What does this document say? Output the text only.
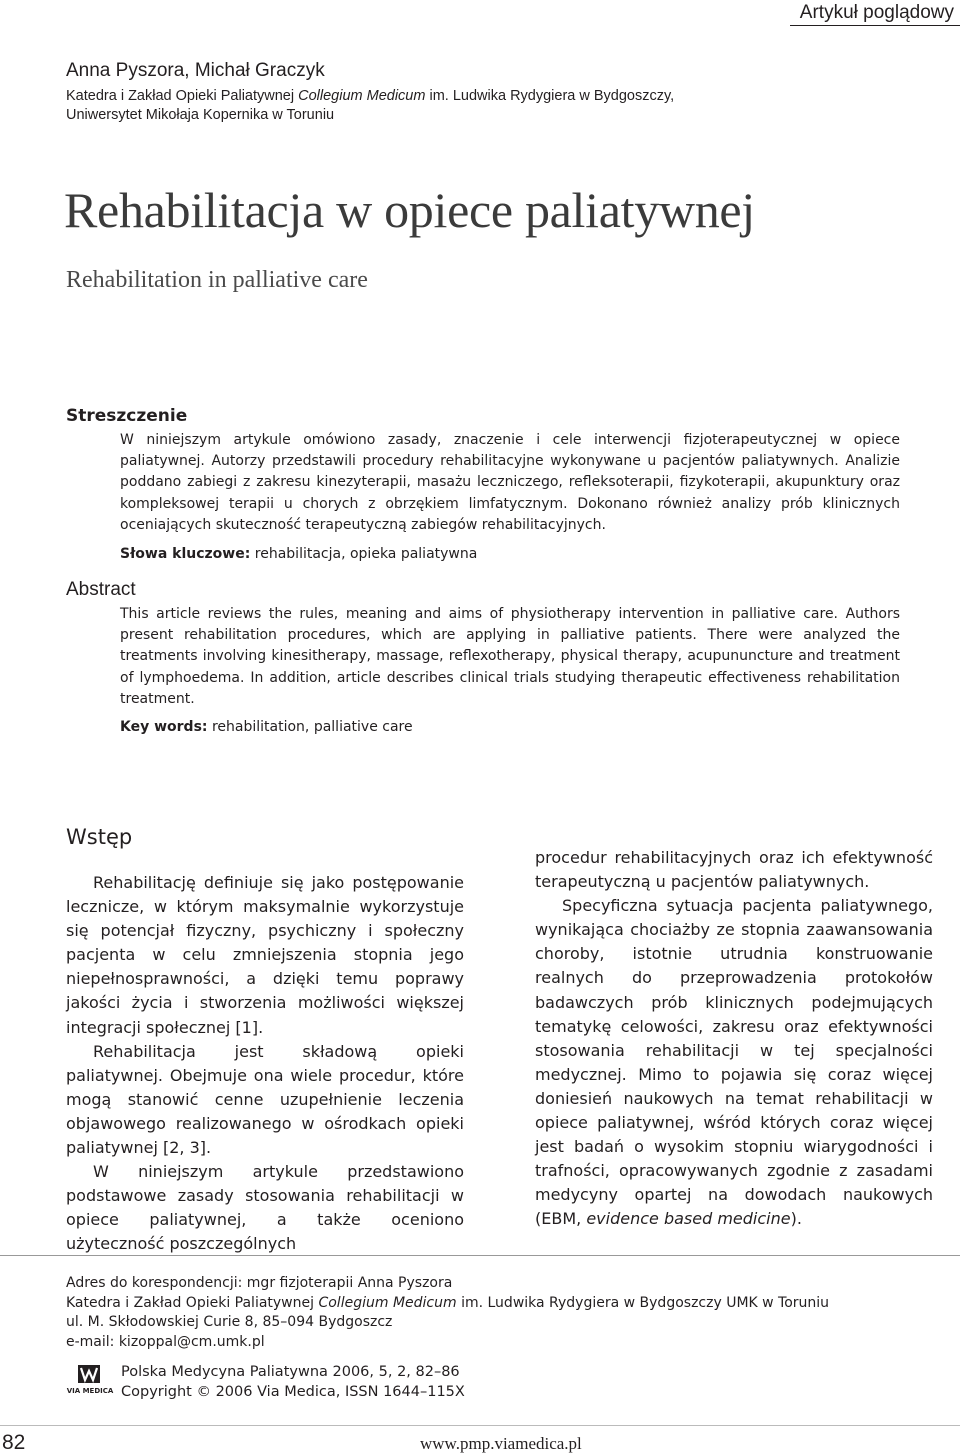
Artykuł poglądowy
Anna Pyszora, Michał Graczyk
Katedra i Zakład Opieki Paliatywnej Collegium Medicum im. Ludwika Rydygiera w Bydgoszczy,
Uniwersytet Mikołaja Kopernika w Toruniu
Rehabilitacja w opiece paliatywnej
Rehabilitation in palliative care
Streszczenie
W niniejszym artykule omówiono zasady, znaczenie i cele interwencji fizjoterapeutycznej w opiece paliatywnej. Autorzy przedstawili procedury rehabilitacyjne wykonywane u pacjentów paliatywnych. Analizie poddano zabiegi z zakresu kinezyterapii, masażu leczniczego, refleksoterapii, fizykoterapii, akupunktury oraz kompleksowej terapii u chorych z obrzękiem limfatycznym. Dokonano również analizy prób klinicznych oceniających skuteczność terapeutyczną zabiegów rehabilitacyjnych.
Słowa kluczowe: rehabilitacja, opieka paliatywna
Abstract
This article reviews the rules, meaning and aims of physiotherapy intervention in palliative care. Authors present rehabilitation procedures, which are applying in palliative patients. There were analyzed the treatments involving kinesitherapy, massage, reflexotherapy, physical therapy, acupununcture and treatment of lymphoedema. In addition, article describes clinical trials studying therapeutic effectiveness rehabilitation treatment.
Key words: rehabilitation, palliative care
Wstęp

Rehabilitację definiuje się jako postępowanie lecznicze, w którym maksymalnie wykorzystuje się potencjał fizyczny, psychiczny i społeczny pacjenta w celu zmniejszenia stopnia jego niepełnosprawności, a dzięki temu poprawy jakości życia i stworzenia możliwości większej integracji społecznej [1].

Rehabilitacja jest składową opieki paliatywnej. Obejmuje ona wiele procedur, które mogą stanowić cenne uzupełnienie leczenia objawowego realizowanego w ośrodkach opieki paliatywnej [2, 3].

W niniejszym artykule przedstawiono podstawowe zasady stosowania rehabilitacji w opiece paliatywnej, a także oceniono użyteczność poszczególnych

procedur rehabilitacyjnych oraz ich efektywność terapeutyczną u pacjentów paliatywnych.

Specyficzna sytuacja pacjenta paliatywnego, wynikająca chociażby ze stopnia zaawansowania choroby, istotnie utrudnia konstruowanie realnych do przeprowadzenia protokołów badawczych prób klinicznych podejmujących tematykę celowości, zakresu oraz efektywności stosowania rehabilitacji w tej specjalności medycznej. Mimo to pojawia się coraz więcej doniesień naukowych na temat rehabilitacji w opiece paliatywnej, wśród których coraz więcej jest badań o wysokim stopniu wiarygodności i trafności, opracowywanych zgodnie z zasadami medycyny opartej na dowodach naukowych (EBM, evidence based medicine).

Adres do korespondencji: mgr fizjoterapii Anna Pyszora
Katedra i Zakład Opieki Paliatywnej Collegium Medicum im. Ludwika Rydygiera w Bydgoszczy UMK w Toruniu
ul. M. Skłodowskiej Curie 8, 85–094 Bydgoszcz
e-mail: kizoppal@cm.umk.pl
VIA MEDICA
Polska Medycyna Paliatywna 2006, 5, 2, 82–86
Copyright © 2006 Via Medica, ISSN 1644–115X
82	www.pmp.viamedica.pl
